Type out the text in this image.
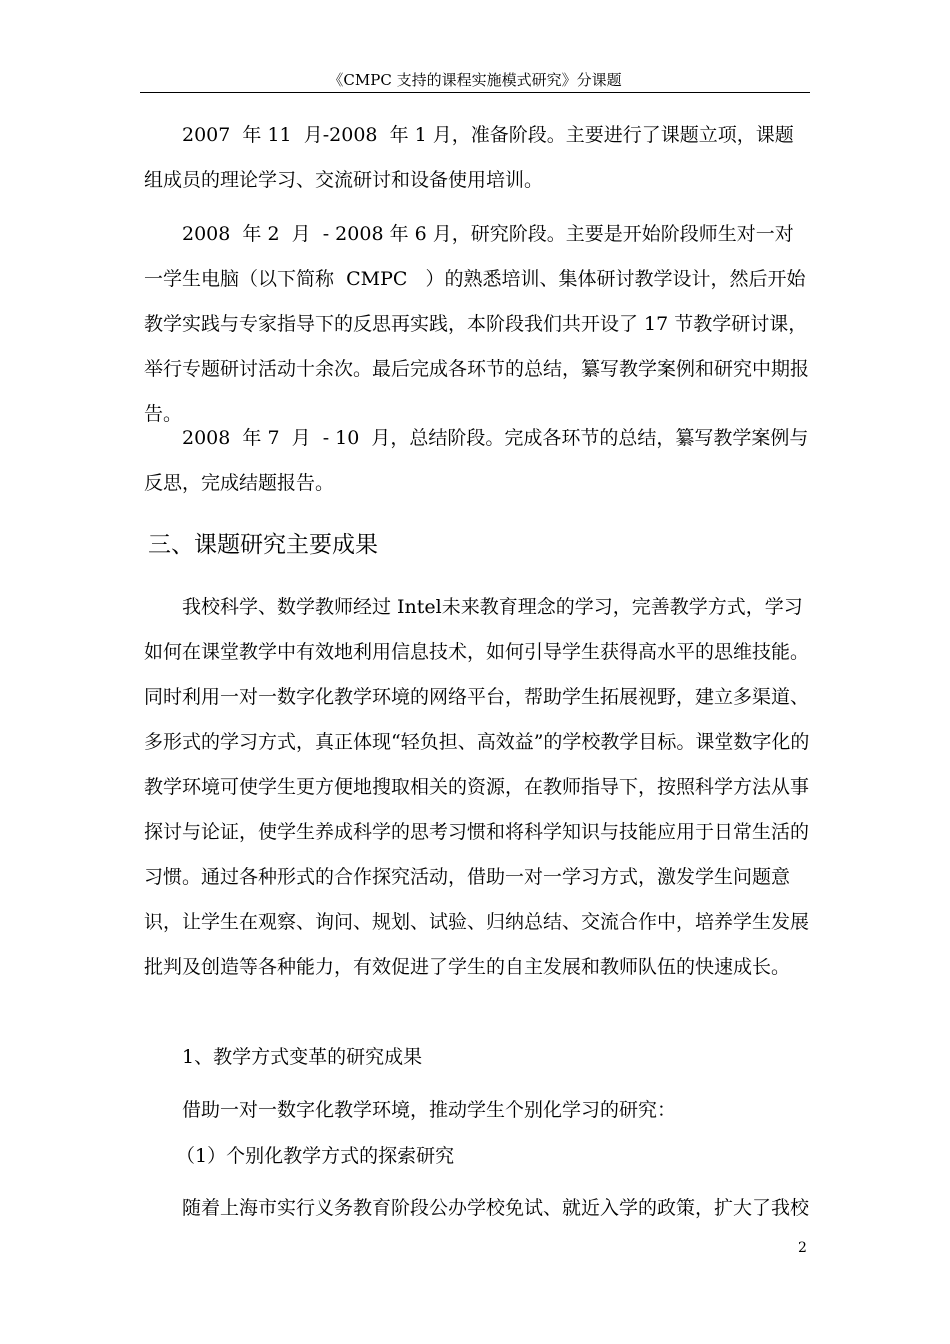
《CMPC 支持的课程实施模式研究》分课题

　　2007  年 11  月-2008  年 1 月，准备阶段。主要进行了课题立项，课题组成员的理论学习、交流研讨和设备使用培训。

　　2008  年 2  月  - 2008 年 6 月，研究阶段。主要是开始阶段师生对一对一学生电脑（以下简称  CMPC   ）的熟悉培训、集体研讨教学设计，然后开始教学实践与专家指导下的反思再实践，本阶段我们共开设了 17 节教学研讨课，举行专题研讨活动十余次。最后完成各环节的总结，纂写教学案例和研究中期报告。

　　2008  年 7  月  - 10  月，总结阶段。完成各环节的总结，纂写教学案例与反思，完成结题报告。

三、课题研究主要成果

　　我校科学、数学教师经过 Intel未来教育理念的学习，完善教学方式，学习如何在课堂教学中有效地利用信息技术，如何引导学生获得高水平的思维技能。同时利用一对一数字化教学环境的网络平台，帮助学生拓展视野，建立多渠道、多形式的学习方式，真正体现“轻负担、高效益”的学校教学目标。课堂数字化的教学环境可使学生更方便地搜取相关的资源，在教师指导下，按照科学方法从事探讨与论证，使学生养成科学的思考习惯和将科学知识与技能应用于日常生活的习惯。通过各种形式的合作探究活动，借助一对一学习方式，激发学生问题意识，让学生在观察、询问、规划、试验、归纳总结、交流合作中，培养学生发展批判及创造等各种能力，有效促进了学生的自主发展和教师队伍的快速成长。

1、教学方式变革的研究成果

借助一对一数字化教学环境，推动学生个别化学习的研究：

（1）个别化教学方式的探索研究

　　随着上海市实行义务教育阶段公办学校免试、就近入学的政策，扩大了我校

2
